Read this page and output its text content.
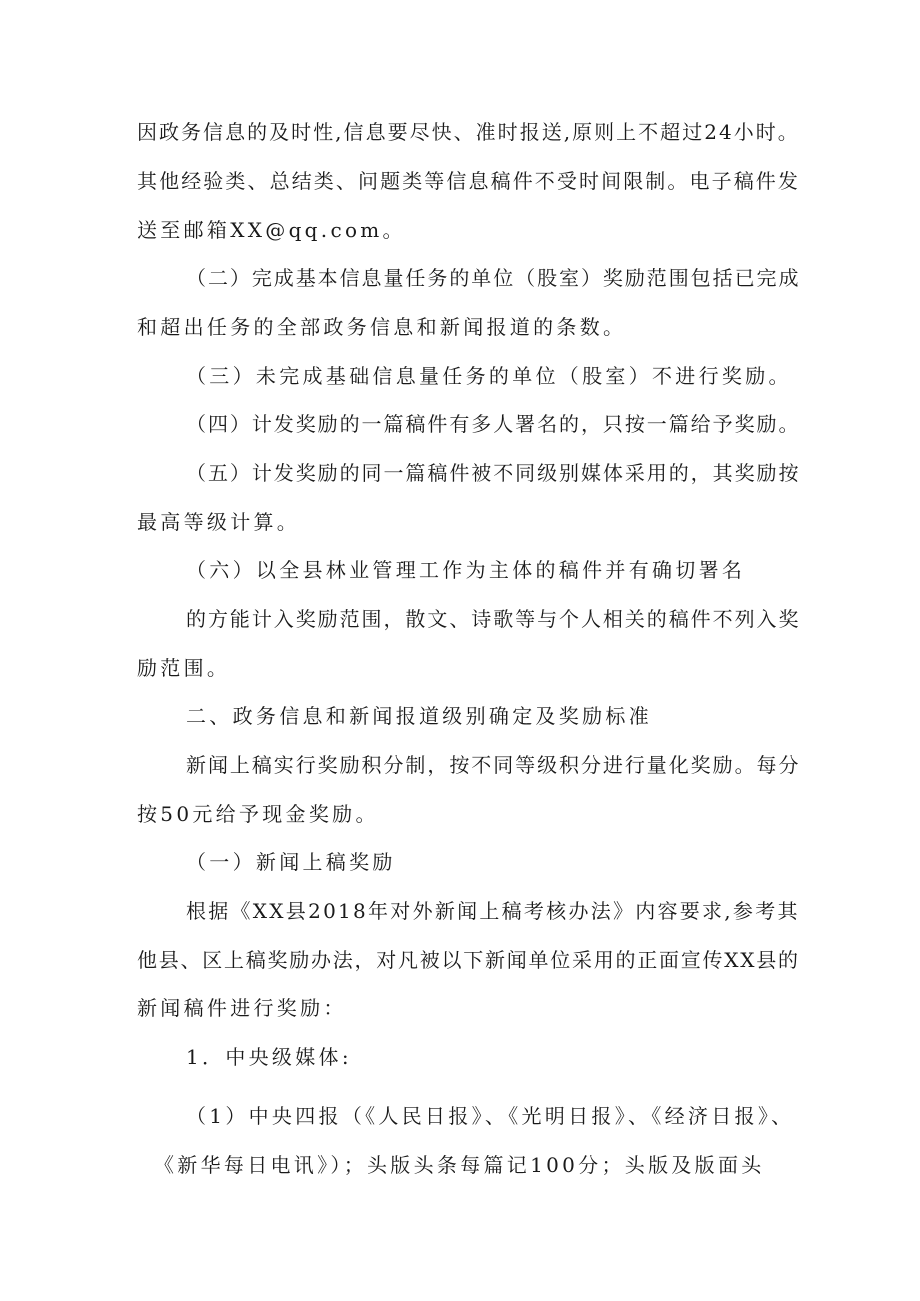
因政务信息的及时性,信息要尽快、准时报送,原则上不超过24小时。
其他经验类、总结类、问题类等信息稿件不受时间限制。电子稿件发
送至邮箱XX@qq.com。
（二）完成基本信息量任务的单位（股室）奖励范围包括已完成
和超出任务的全部政务信息和新闻报道的条数。
（三）未完成基础信息量任务的单位（股室）不进行奖励。
（四）计发奖励的一篇稿件有多人署名的，只按一篇给予奖励。
（五）计发奖励的同一篇稿件被不同级别媒体采用的，其奖励按
最高等级计算。
（六）以全县林业管理工作为主体的稿件并有确切署名
的方能计入奖励范围，散文、诗歌等与个人相关的稿件不列入奖
励范围。
二、政务信息和新闻报道级别确定及奖励标准
新闻上稿实行奖励积分制，按不同等级积分进行量化奖励。每分
按50元给予现金奖励。
（一）新闻上稿奖励
根据《XX县2018年对外新闻上稿考核办法》内容要求,参考其
他县、区上稿奖励办法，对凡被以下新闻单位采用的正面宣传XX县的
新闻稿件进行奖励：
1．中央级媒体:
（1）中央四报（《人民日报》、《光明日报》、《经济日报》、
《新华每日电讯》）；头版头条每篇记100分；头版及版面头
